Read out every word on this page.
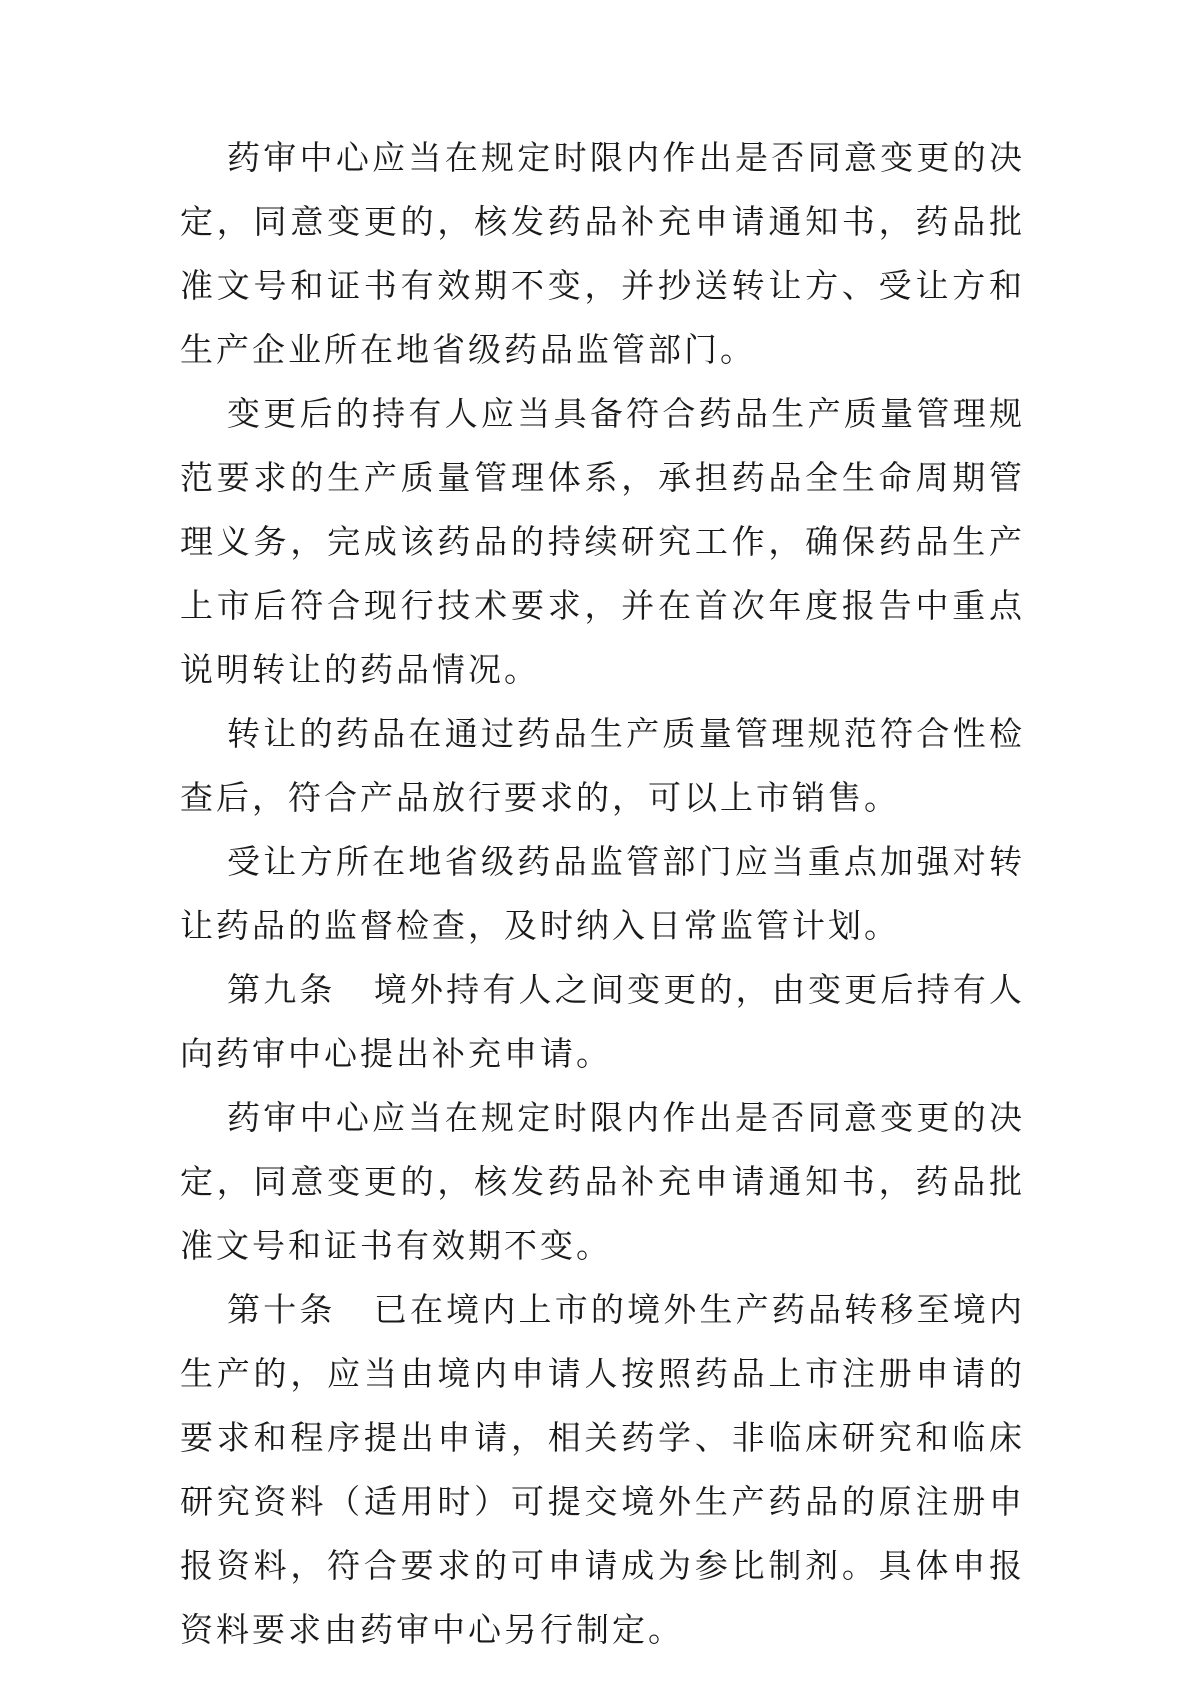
药审中心应当在规定时限内作出是否同意变更的决定，同意变更的，核发药品补充申请通知书，药品批准文号和证书有效期不变，并抄送转让方、受让方和生产企业所在地省级药品监管部门。

变更后的持有人应当具备符合药品生产质量管理规范要求的生产质量管理体系，承担药品全生命周期管理义务，完成该药品的持续研究工作，确保药品生产上市后符合现行技术要求，并在首次年度报告中重点说明转让的药品情况。

转让的药品在通过药品生产质量管理规范符合性检查后，符合产品放行要求的，可以上市销售。

受让方所在地省级药品监管部门应当重点加强对转让药品的监督检查，及时纳入日常监管计划。

第九条 境外持有人之间变更的，由变更后持有人向药审中心提出补充申请。

药审中心应当在规定时限内作出是否同意变更的决定，同意变更的，核发药品补充申请通知书，药品批准文号和证书有效期不变。

第十条 已在境内上市的境外生产药品转移至境内生产的，应当由境内申请人按照药品上市注册申请的要求和程序提出申请，相关药学、非临床研究和临床研究资料（适用时）可提交境外生产药品的原注册申报资料，符合要求的可申请成为参比制剂。具体申报资料要求由药审中心另行制定。
